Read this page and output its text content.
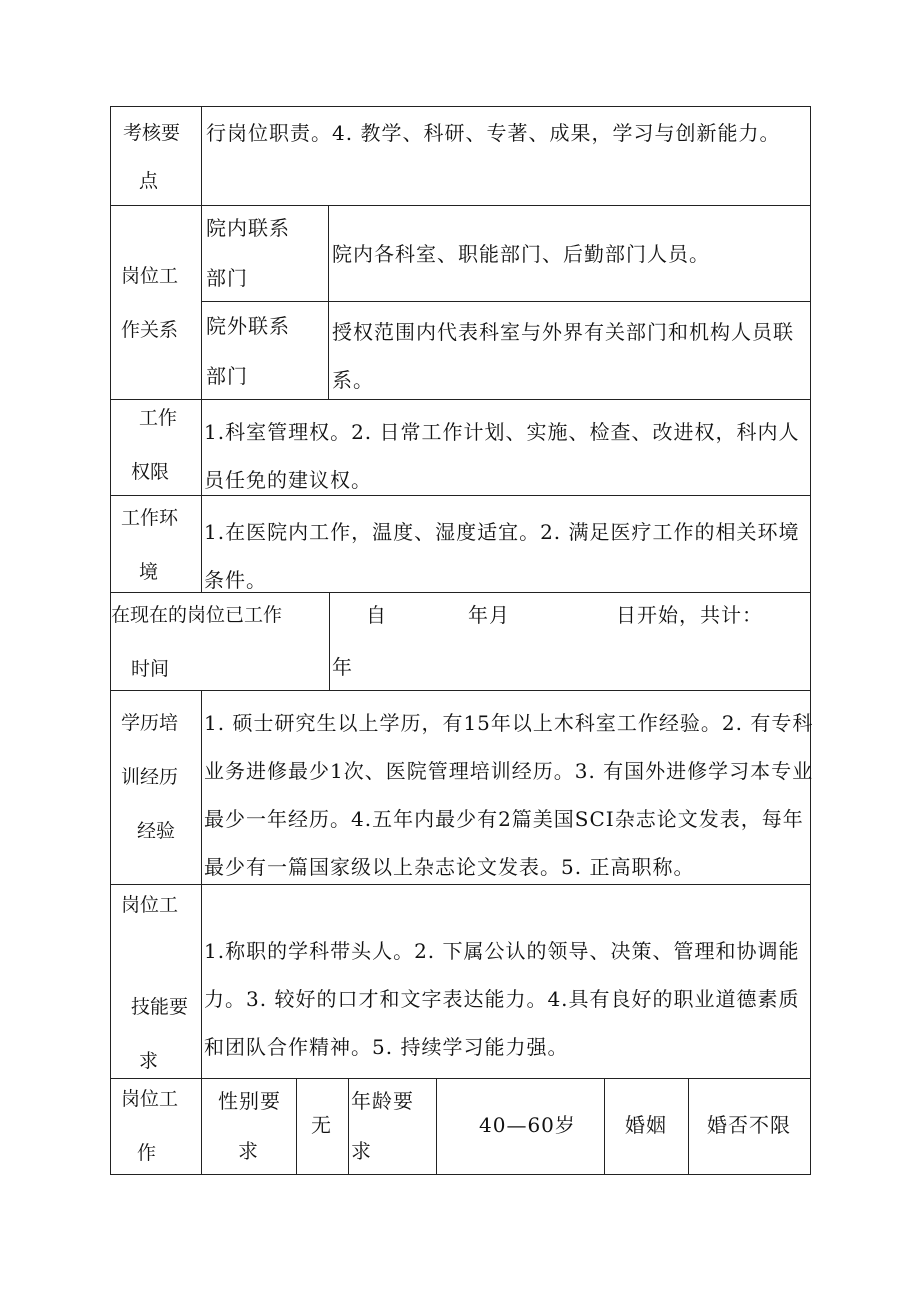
考核要
点
行岗位职责。4. 教学、科研、专著、成果，学习与创新能力。
岗位工
作关系
院内联系
部门
院内各科室、职能部门、后勤部门人员。
院外联系
部门
授权范围内代表科室与外界有关部门和机构人员联
系。
工作
权限
1.科室管理权。2. 日常工作计划、实施、检查、改进权，科内人
员任免的建议权。
工作环
境
1.在医院内工作，温度、湿度适宜。2. 满足医疗工作的相关环境
条件。
在现在的岗位已工作
时间
自	年月	日开始，共计：
年
学历培
训经历
经验
1. 硕士研究生以上学历，有15年以上木科室工作经验。2. 有专科
业务进修最少1次、医院管理培训经历。3. 有国外进修学习本专业
最少一年经历。4.五年内最少有2篇美国SCI杂志论文发表，每年
最少有一篇国家级以上杂志论文发表。5. 正高职称。
岗位工
技能要
求
1.称职的学科带头人。2. 下属公认的领导、决策、管理和协调能
力。3. 较好的口才和文字表达能力。4.具有良好的职业道德素质
和团队合作精神。5. 持续学习能力强。
岗位工
作
性别要
求
无
年龄要
求
40—60岁 婚姻 婚否不限
